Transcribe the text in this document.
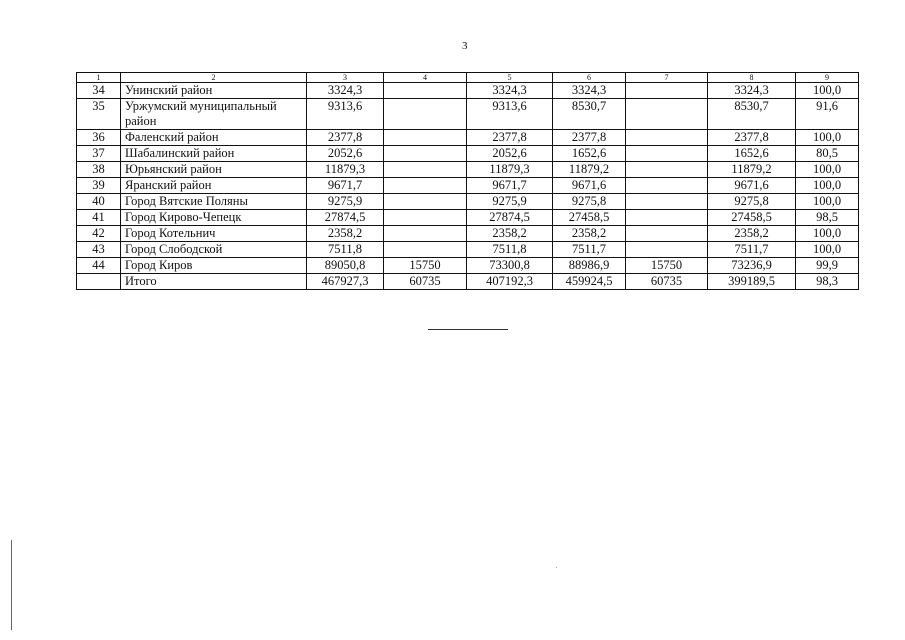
3
1	2	3	4	5	6	7	8	9
34	Унинский район	3324,3		3324,3	3324,3		3324,3	100,0
35	Уржумский муниципальный район	9313,6		9313,6	8530,7		8530,7	91,6
36	Фаленский район	2377,8		2377,8	2377,8		2377,8	100,0
37	Шабалинский район	2052,6		2052,6	1652,6		1652,6	80,5
38	Юрьянский район	11879,3		11879,3	11879,2		11879,2	100,0
39	Яранский район	9671,7		9671,7	9671,6		9671,6	100,0
40	Город Вятские Поляны	9275,9		9275,9	9275,8		9275,8	100,0
41	Город Кирово-Чепецк	27874,5		27874,5	27458,5		27458,5	98,5
42	Город Котельнич	2358,2		2358,2	2358,2		2358,2	100,0
43	Город Слободской	7511,8		7511,8	7511,7		7511,7	100,0
44	Город Киров	89050,8	15750	73300,8	88986,9	15750	73236,9	99,9
	Итого	467927,3	60735	407192,3	459924,5	60735	399189,5	98,3
